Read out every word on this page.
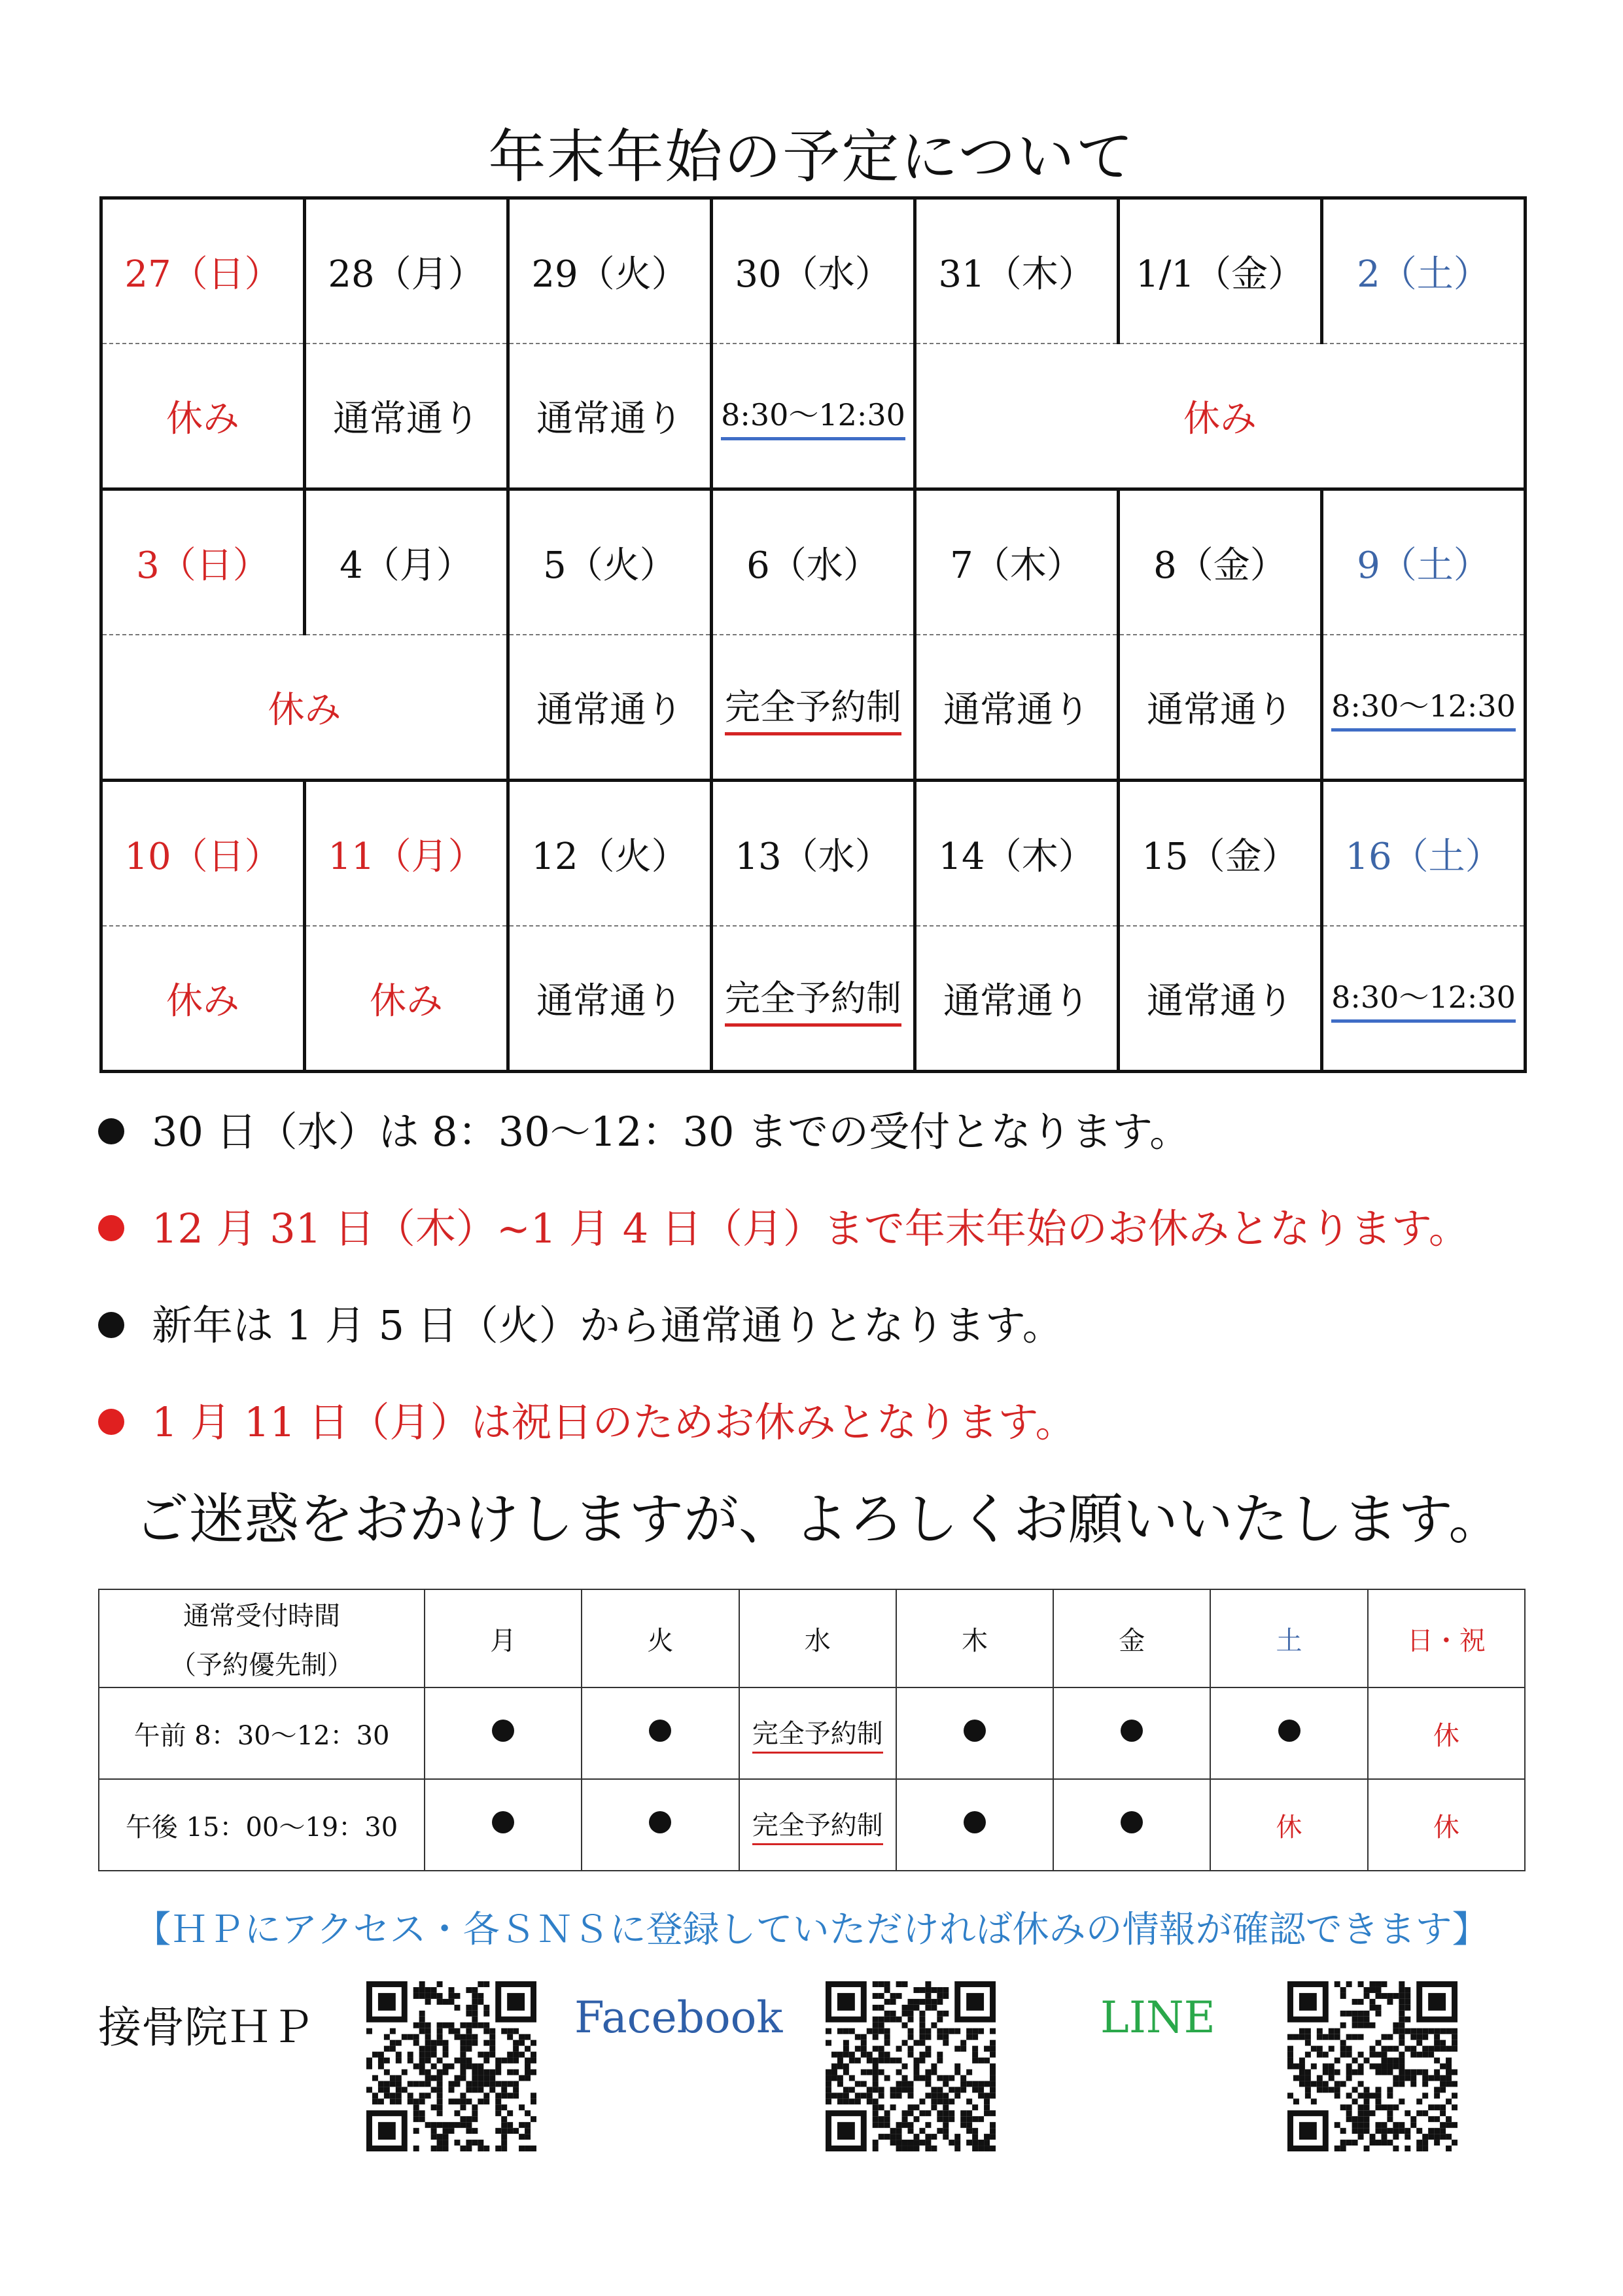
年末年始の予定について
27（日）	28（月）	29（火）	30（水）	31（木）	1/1（金）	2（土）
休み	通常通り	通常通り	8:30〜12:30	休み		
3（日）	4（月）	5（火）	6（水）	7（木）	8（金）	9（土）
休み		通常通り	完全予約制	通常通り	通常通り	8:30〜12:30
10（日）	11（月）	12（火）	13（水）	14（木）	15（金）	16（土）
休み	休み	通常通り	完全予約制	通常通り	通常通り	8:30〜12:30
30 日（水）は 8：30〜12：30 までの受付となります。
12 月 31 日（木）~1 月 4 日（月）まで年末年始のお休みとなります。
新年は 1 月 5 日（火）から通常通りとなります。
1 月 11 日（月）は祝日のためお休みとなります。
ご迷惑をおかけしますが、よろしくお願いいたします。
通常受付時間
（予約優先制）	月	火	水	木	金	土	日・祝
午前 8：30〜12：30			完全予約制				休
午後 15：00〜19：30			完全予約制			休	休
【ＨＰにアクセス・各ＳＮＳに登録していただければ休みの情報が確認できます】
接骨院ＨＰ	Facebook	LINE
